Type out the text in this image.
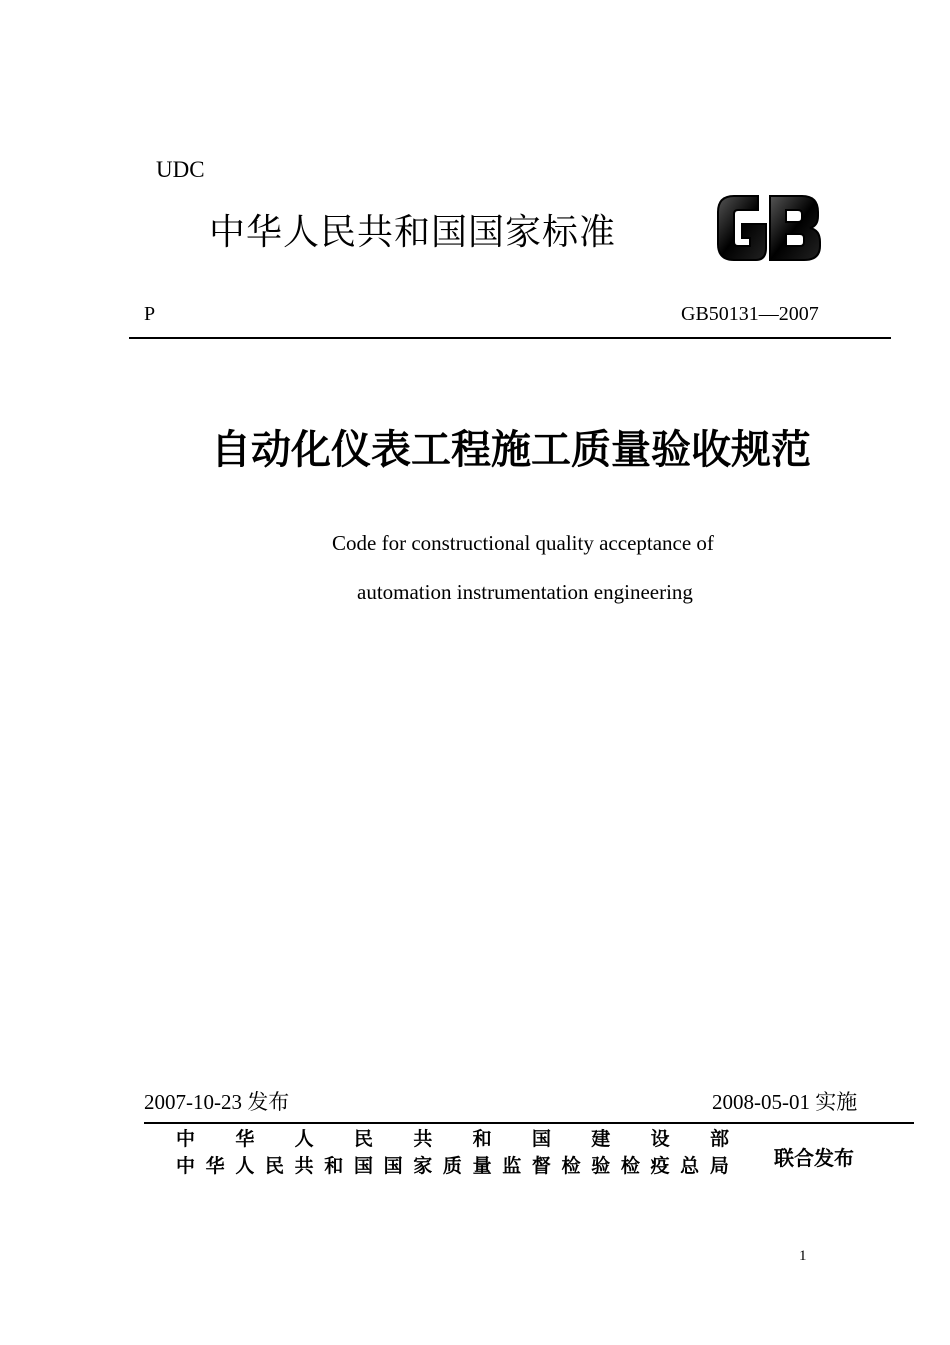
UDC
中华人民共和国国家标准
GB
P	GB50131—2007
自动化仪表工程施工质量验收规范
Code for constructional quality acceptance of
automation instrumentation engineering
2007-10-23 发布	2008-05-01 实施
中 华 人 民 共 和 国 建 设 部
中 华 人 民 共 和 国 国 家 质 量 监 督 检 验 检 疫 总 局 联合发布
1
